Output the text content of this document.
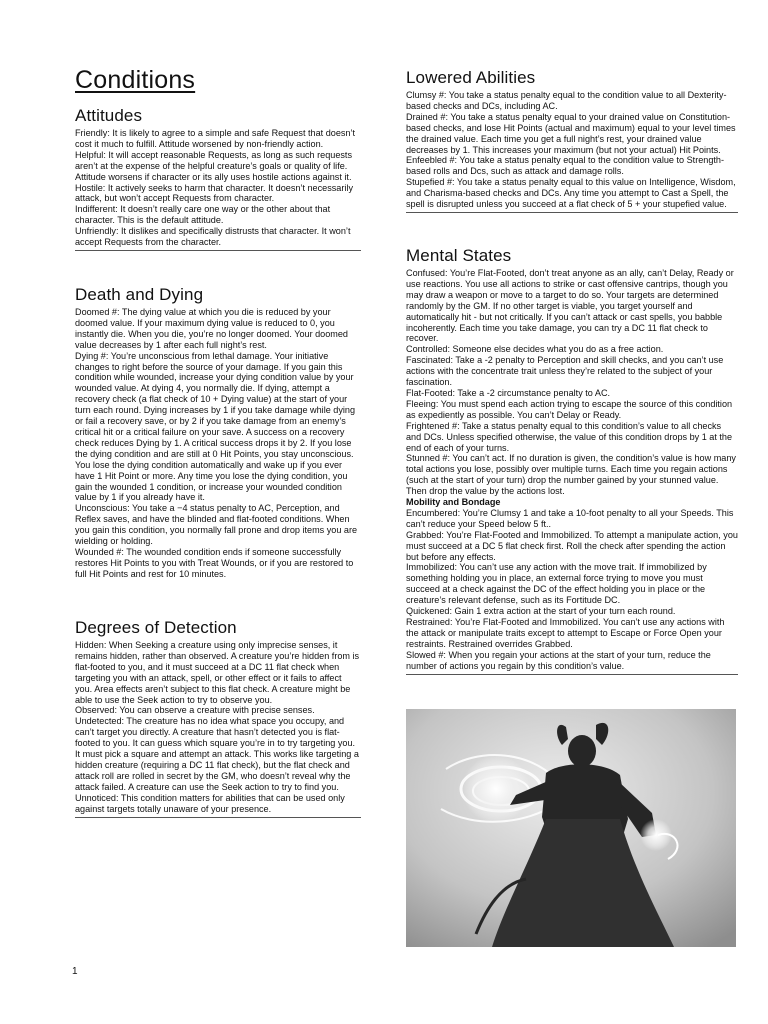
Conditions
Attitudes

Friendly: It is likely to agree to a simple and safe Request that doesn’t cost it much to fulfill. Attitude worsened by non-friendly action.

Helpful: It will accept reasonable Requests, as long as such requests aren’t at the expense of the helpful creature’s goals or quality of life. Attitude worsens if character or its ally uses hostile actions against it.

Hostile: It actively seeks to harm that character. It doesn’t necessarily attack, but won’t accept Requests from character.

Indifferent: It doesn’t really care one way or the other about that character. This is the default attitude.

Unfriendly: It dislikes and specifically distrusts that character. It won’t accept Requests from the character.

Death and Dying

Doomed #: The dying value at which you die is reduced by your doomed value. If your maximum dying value is reduced to 0, you instantly die. When you die, you’re no longer doomed. Your doomed value decreases by 1 after each full night’s rest.

Dying #: You’re unconscious from lethal damage. Your initiative changes to right before the source of your damage. If you gain this condition while wounded, increase your dying condition value by your wounded value. At dying 4, you normally die. If dying, attempt a recovery check (a flat check of 10 + Dying value) at the start of your turn each round. Dying increases by 1 if you take damage while dying or fail a recovery save, or by 2 if you take damage from an enemy’s critical hit or a critical failure on your save. A success on a recovery check reduces Dying by 1. A critical success drops it by 2. If you lose the dying condition and are still at 0 Hit Points, you stay unconscious. You lose the dying condition automatically and wake up if you ever have 1 Hit Point or more. Any time you lose the dying condition, you gain the wounded 1 condition, or increase your wounded condition value by 1 if you already have it.

Unconscious: You take a −4 status penalty to AC, Perception, and Reflex saves, and have the blinded and flat-footed conditions. When you gain this condition, you normally fall prone and drop items you are wielding or holding.

Wounded #: The wounded condition ends if someone successfully restores Hit Points to you with Treat Wounds, or if you are restored to full Hit Points and rest for 10 minutes.

Degrees of Detection

Hidden: When Seeking a creature using only imprecise senses, it remains hidden, rather than observed. A creature you’re hidden from is flat-footed to you, and it must succeed at a DC 11 flat check when targeting you with an attack, spell, or other effect or it fails to affect you. Area effects aren’t subject to this flat check. A creature might be able to use the Seek action to try to observe you.

Observed: You can observe a creature with precise senses.

Undetected: The creature has no idea what space you occupy, and can’t target you directly. A creature that hasn’t detected you is flat-footed to you. It can guess which square you’re in to try targeting you. It must pick a square and attempt an attack. This works like targeting a hidden creature (requiring a DC 11 flat check), but the flat check and attack roll are rolled in secret by the GM, who doesn’t reveal why the attack failed. A creature can use the Seek action to try to find you.

Unnoticed: This condition matters for abilities that can be used only against targets totally unaware of your presence.

Lowered Abilities

Clumsy #: You take a status penalty equal to the condition value to all Dexterity-based checks and DCs, including AC.

Drained #: You take a status penalty equal to your drained value on Constitution-based checks, and lose Hit Points (actual and maximum) equal to your level times the drained value. Each time you get a full night’s rest, your drained value decreases by 1. This increases your maximum (but not your actual) Hit Points.

Enfeebled #: You take a status penalty equal to the condition value to Strength-based rolls and Dcs, such as attack and damage rolls.

Stupefied #: You take a status penalty equal to this value on Intelligence, Wisdom, and Charisma-based checks and DCs. Any time you attempt to Cast a Spell, the spell is disrupted unless you succeed at a flat check of 5 + your stupefied value.

Mental States

Confused: You’re Flat-Footed, don’t treat anyone as an ally, can’t Delay, Ready or use reactions. You use all actions to strike or cast offensive cantrips, though you may draw a weapon or move to a target to do so. Your targets are determined randomly by the GM. If no other target is viable, you target yourself and automatically hit - but not critically. If you can’t attack or cast spells, you babble incoherently. Each time you take damage, you can try a DC 11 flat check to recover.

Controlled: Someone else decides what you do as a free action.

Fascinated: Take a -2 penalty to Perception and skill checks, and you can’t use actions with the concentrate trait unless they’re related to the subject of your fascination.

Flat-Footed: Take a -2 circumstance penalty to AC.

Fleeing: You must spend each action trying to escape the source of this condition as expediently as possible. You can’t Delay or Ready.

Frightened #: Take a status penalty equal to this condition’s value to all checks and DCs. Unless specified otherwise, the value of this condition drops by 1 at the end of each of your turns.

Stunned #: You can’t act. If no duration is given, the condition’s value is how many total actions you lose, possibly over multiple turns. Each time you regain actions (such at the start of your turn) drop the number gained by your stunned value. Then drop the value by the actions lost.

Mobility and Bondage

Encumbered: You’re Clumsy 1 and take a 10-foot penalty to all your Speeds. This can’t reduce your Speed below 5 ft..

Grabbed: You’re Flat-Footed and Immobilized. To attempt a manipulate action, you must succeed at a DC 5 flat check first. Roll the check after spending the action but before any effects.

Immobilized: You can’t use any action with the move trait. If immobilized by something holding you in place, an external force trying to move you must succeed at a check against the DC of the effect holding you in place or the creature’s relevant defense, such as its Fortitude DC.

Quickened: Gain 1 extra action at the start of your turn each round.

Restrained: You’re Flat-Footed and Immobilized. You can’t use any actions with the attack or manipulate traits except to attempt to Escape or Force Open your restraints. Restrained overrides Grabbed.

Slowed #: When you regain your actions at the start of your turn, reduce the number of actions you regain by this condition’s value.

1
